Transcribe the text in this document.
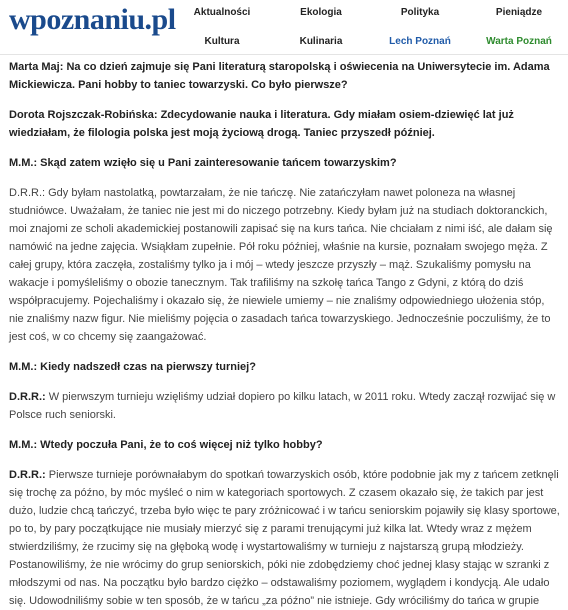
wpoznaniu.pl Aktualności	Ekologia	Polityka	Pieniądze
Kultura	Kulinaria	Lech Poznań	Warta Poznań

Marta Maj: Na co dzień zajmuje się Pani literaturą staropolską i oświecenia na Uniwersytecie im. Adama Mickiewicza. Pani hobby to taniec towarzyski. Co było pierwsze?

Dorota Rojszczak-Robińska: Zdecydowanie nauka i literatura. Gdy miałam osiem-dziewięć lat już wiedziałam, że filologia polska jest moją życiową drogą. Taniec przyszedł później.

M.M.: Skąd zatem wzięło się u Pani zainteresowanie tańcem towarzyskim?

D.R.R.: Gdy byłam nastolatką, powtarzałam, że nie tańczę. Nie zatańczyłam nawet poloneza na własnej studniówce. Uważałam, że taniec nie jest mi do niczego potrzebny. Kiedy byłam już na studiach doktoranckich, moi znajomi ze scholi akademickiej postanowili zapisać się na kurs tańca. Nie chciałam z nimi iść, ale dałam się namówić na jedne zajęcia. Wsiąkłam zupełnie. Pół roku później, właśnie na kursie, poznałam swojego męża. Z całej grupy, która zaczęła, zostaliśmy tylko ja i mój – wtedy jeszcze przyszły – mąż. Szukaliśmy pomysłu na wakacje i pomyśleliśmy o obozie tanecznym. Tak trafiliśmy na szkołę tańca Tango z Gdyni, z którą do dziś współpracujemy. Pojechaliśmy i okazało się, że niewiele umiemy – nie znaliśmy odpowiedniego ułożenia stóp, nie znaliśmy nazw figur. Nie mieliśmy pojęcia o zasadach tańca towarzyskiego. Jednocześnie poczuliśmy, że to jest coś, w co chcemy się zaangażować.

M.M.: Kiedy nadszedł czas na pierwszy turniej?

D.R.R.: W pierwszym turnieju wzięliśmy udział dopiero po kilku latach, w 2011 roku. Wtedy zaczął rozwijać się w Polsce ruch seniorski.

M.M.: Wtedy poczuła Pani, że to coś więcej niż tylko hobby?

D.R.R.: Pierwsze turnieje porównałabym do spotkań towarzyskich osób, które podobnie jak my z tańcem zetknęli się trochę za późno, by móc myśleć o nim w kategoriach sportowych. Z czasem okazało się, że takich par jest dużo, ludzie chcą tańczyć, trzeba było więc te pary zróżnicować i w tańcu seniorskim pojawiły się klasy sportowe, po to, by pary początkujące nie musiały mierzyć się z parami trenującymi już kilka lat. Wtedy wraz z mężem stwierdziliśmy, że rzucimy się na głęboką wodę i wystartowaliśmy w turnieju z najstarszą grupą młodzieży. Postanowiliśmy, że nie wrócimy do grup seniorskich, póki nie zdobędziemy choć jednej klasy stając w szranki z młodszymi od nas. Na początku było bardzo ciężko – odstawaliśmy poziomem, wyglądem i kondycją. Ale udało się. Udowodniliśmy sobie w ten sposób, że w tańcu „za późno” nie istnieje. Gdy wróciliśmy do tańca w grupie
